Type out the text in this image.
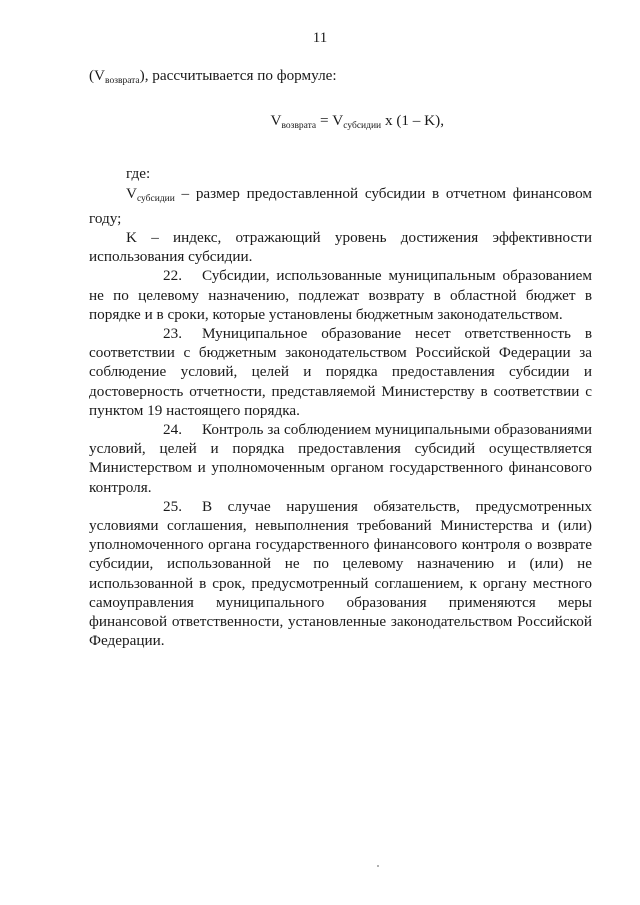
11

$(V_{возврата})$, рассчитывается по формуле:

$V_{возврата} = V_{субсидии}$ x (1 – K),

где:

$V_{субсидии}$ – размер предоставленной субсидии в отчетном финансовом году;

K – индекс, отражающий уровень достижения эффективности использования субсидии.

22. Субсидии, использованные муниципальным образованием не по целевому назначению, подлежат возврату в областной бюджет в порядке и в сроки, которые установлены бюджетным законодательством.

23. Муниципальное образование несет ответственность в соответствии с бюджетным законодательством Российской Федерации за соблюдение условий, целей и порядка предоставления субсидии и достоверность отчетности, представляемой Министерству в соответствии с пунктом 19 настоящего порядка.

24. Контроль за соблюдением муниципальными образованиями условий, целей и порядка предоставления субсидий осуществляется Министерством и уполномоченным органом государственного финансового контроля.

25. В случае нарушения обязательств, предусмотренных условиями соглашения, невыполнения требований Министерства и (или) уполномоченного органа государственного финансового контроля о возврате субсидии, использованной не по целевому назначению и (или) не использованной в срок, предусмотренный соглашением, к органу местного самоуправления муниципального образования применяются меры финансовой ответственности, установленные законодательством Российской Федерации.
